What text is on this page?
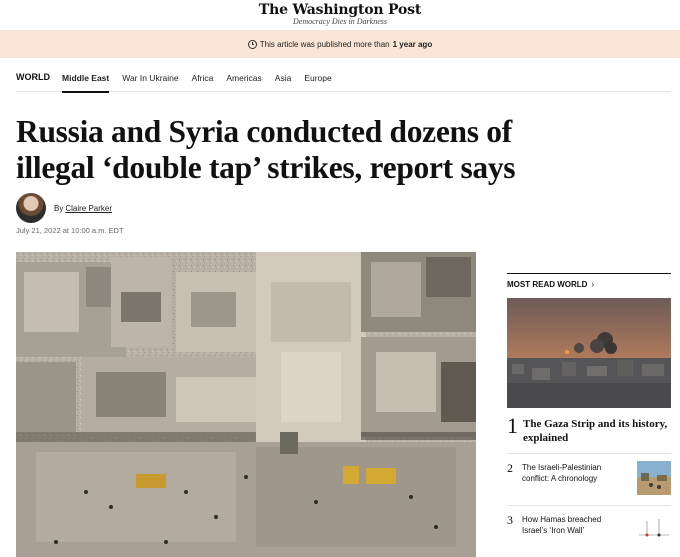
The Washington Post
Democracy Dies in Darkness
This article was published more than 1 year ago
WORLD Middle East War In Ukraine Africa Americas Asia Europe
Russia and Syria conducted dozens of
illegal ‘double tap’ strikes, report says
By Claire Parker
July 21, 2022 at 10:00 a.m. EDT
MOST READ WORLD ›
1 The Gaza Strip and its history, explained
2 The Israeli-Palestinian conflict: A chronology
3 How Hamas breached Israel’s ‘Iron Wall’
